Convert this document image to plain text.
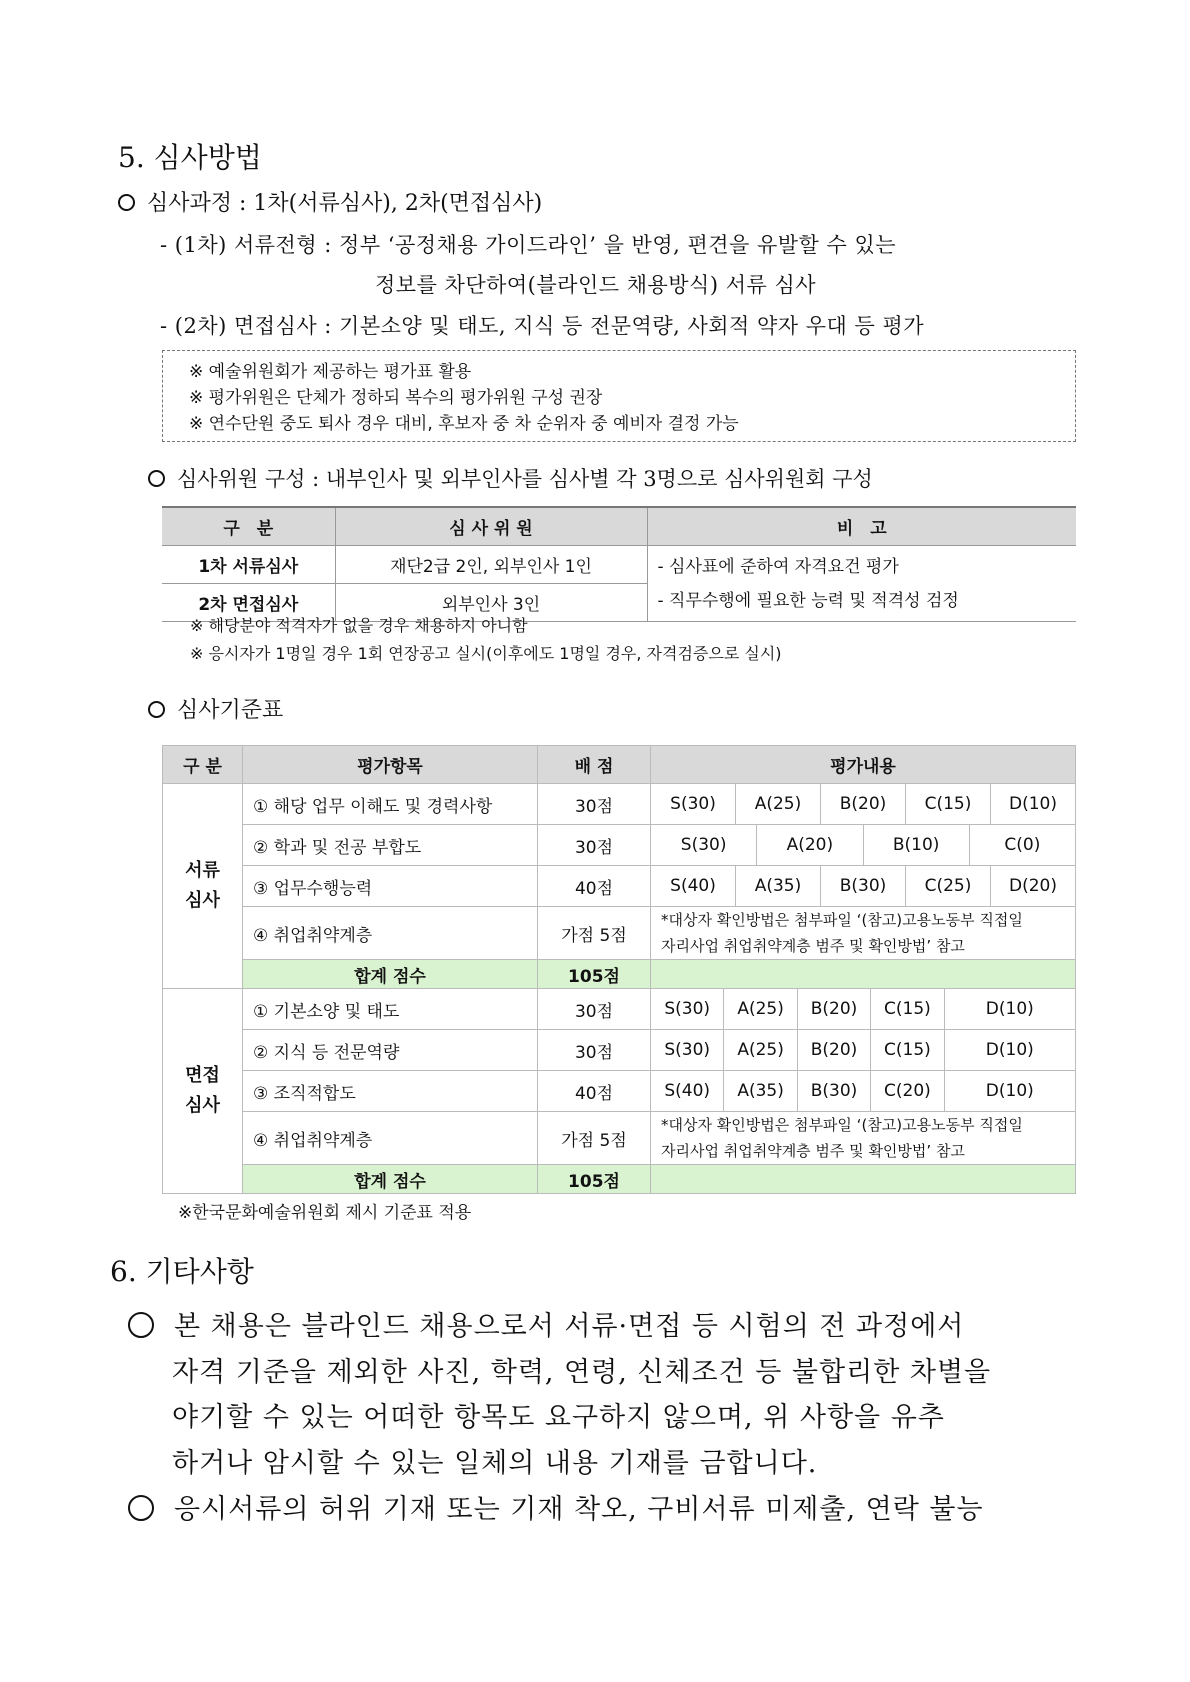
5. 심사방법
심사과정 : 1차(서류심사), 2차(면접심사)
- (1차) 서류전형 : 정부 ‘공정채용 가이드라인’ 을 반영, 편견을 유발할 수 있는
정보를 차단하여(블라인드 채용방식) 서류 심사
- (2차) 면접심사 : 기본소양 및 태도, 지식 등 전문역량, 사회적 약자 우대 등 평가
※ 예술위원회가 제공하는 평가표 활용
※ 평가위원은 단체가 정하되 복수의 평가위원 구성 권장
※ 연수단원 중도 퇴사 경우 대비, 후보자 중 차 순위자 중 예비자 결정 가능
심사위원 구성 : 내부인사 및 외부인사를 심사별 각 3명으로 심사위원회 구성
구　분	심 사 위 원	비　고
1차 서류심사	재단2급 2인, 외부인사 1인	- 심사표에 준하여 자격요건 평가
- 직무수행에 필요한 능력 및 적격성 검정

2차 면접심사	외부인사 3인	
※ 해당분야 적격자가 없을 경우 채용하지 아니함
※ 응시자가 1명일 경우 1회 연장공고 실시(이후에도 1명일 경우, 자격검증으로 실시)
심사기준표
구 분	평가항목	배 점	평가내용
서류
심사	① 해당 업무 이해도 및 경력사항	30점	S(30) A(25) B(20) C(15) D(10)

	② 학과 및 전공 부합도	30점	S(30) A(20) B(10) C(0)

	③ 업무수행능력	40점	S(40) A(35) B(30) C(25) D(20)

	④ 취업취약계층	가점 5점	*대상자 확인방법은 첨부파일 ‘(참고)고용노동부 직접일
자리사업 취업취약계층 범주 및 확인방법’ 참고

	합계 점수	105점	
면접
심사	① 기본소양 및 태도	30점	S(30) A(25) B(20) C(15) D(10)

	② 지식 등 전문역량	30점	S(30) A(25) B(20) C(15) D(10)

	③ 조직적합도	40점	S(40) A(35) B(30) C(20) D(10)

	④ 취업취약계층	가점 5점	*대상자 확인방법은 첨부파일 ‘(참고)고용노동부 직접일
자리사업 취업취약계층 범주 및 확인방법’ 참고

	합계 점수	105점	
※한국문화예술위원회 제시 기준표 적용
6. 기타사항
본 채용은 블라인드 채용으로서 서류·면접 등 시험의 전 과정에서
자격 기준을 제외한 사진, 학력, 연령, 신체조건 등 불합리한 차별을
야기할 수 있는 어떠한 항목도 요구하지 않으며, 위 사항을 유추
하거나 암시할 수 있는 일체의 내용 기재를 금합니다.
응시서류의 허위 기재 또는 기재 착오, 구비서류 미제출, 연락 불능
